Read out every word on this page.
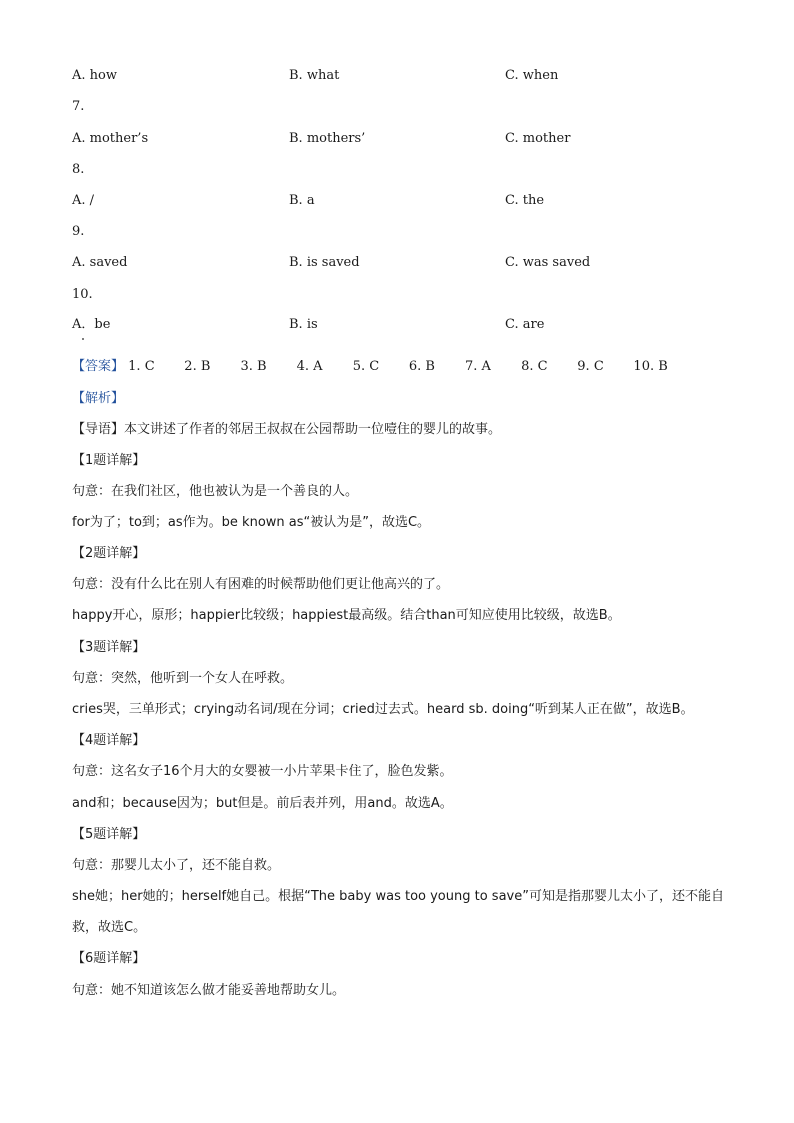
A. how	B. what	C. when
7.
A. mother’s	B. mothers’	C. mother
8.
A. /	B. a	C. the
9.
A. saved	B. is saved	C. was saved
10.
A．be	B. is	C. are
【答案】 1. C 2. B 3. B 4. A 5. C 6. B 7. A 8. C 9. C 10. B
【解析】
【导语】本文讲述了作者的邻居王叔叔在公园帮助一位噎住的婴儿的故事。
【1题详解】
句意：在我们社区，他也被认为是一个善良的人。
for为了；to到；as作为。be known as“被认为是”，故选C。
【2题详解】
句意：没有什么比在别人有困难的时候帮助他们更让他高兴的了。
happy开心，原形；happier比较级；happiest最高级。结合than可知应使用比较级，故选B。
【3题详解】
句意：突然，他听到一个女人在呼救。
cries哭，三单形式；crying动名词/现在分词；cried过去式。heard sb. doing“听到某人正在做”，故选B。
【4题详解】
句意：这名女子16个月大的女婴被一小片苹果卡住了，脸色发紫。
and和；because因为；but但是。前后表并列，用and。故选A。
【5题详解】
句意：那婴儿太小了，还不能自救。
she她；her她的；herself她自己。根据“The baby was too young to save”可知是指那婴儿太小了，还不能自
救，故选C。
【6题详解】
句意：她不知道该怎么做才能妥善地帮助女儿。
